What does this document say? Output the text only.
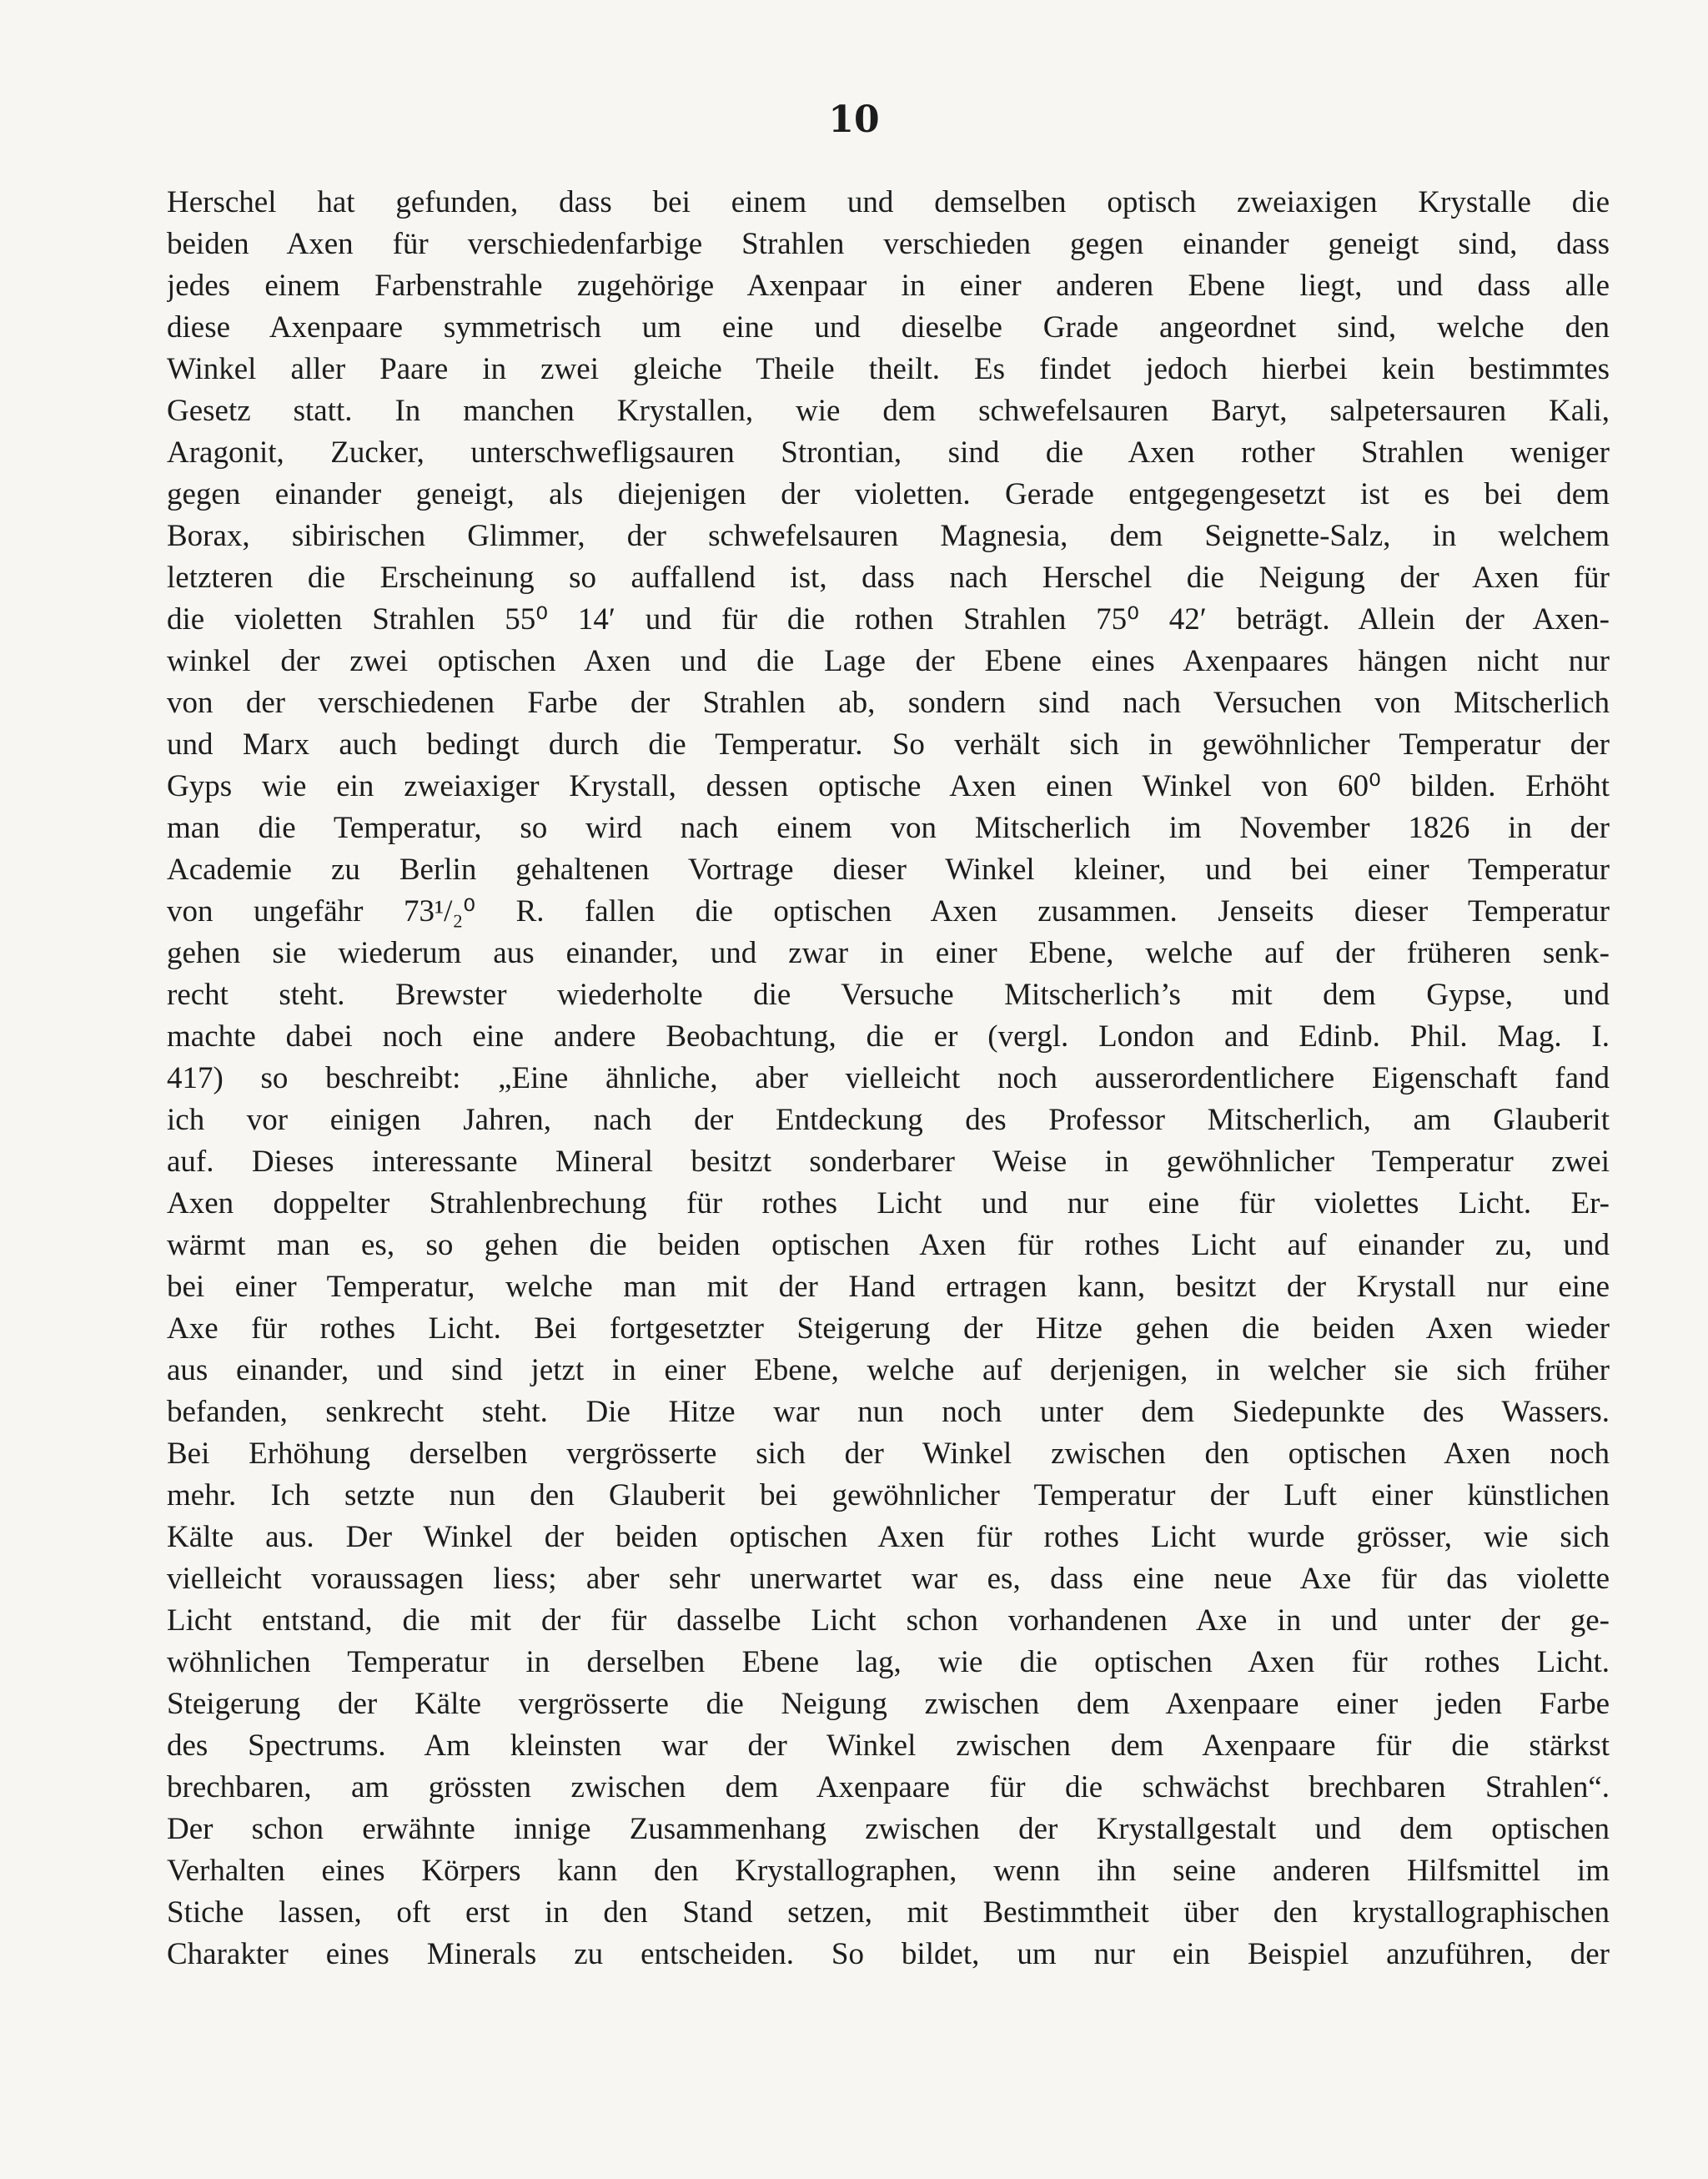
10
Herschel hat gefunden, dass bei einem und demselben optisch zweiaxigen Krystalle die
beiden Axen für verschiedenfarbige Strahlen verschieden gegen einander geneigt sind, dass
jedes einem Farbenstrahle zugehörige Axenpaar in einer anderen Ebene liegt, und dass alle
diese Axenpaare symmetrisch um eine und dieselbe Grade angeordnet sind, welche den
Winkel aller Paare in zwei gleiche Theile theilt. Es findet jedoch hierbei kein bestimmtes
Gesetz statt. In manchen Krystallen, wie dem schwefelsauren Baryt, salpetersauren Kali,
Aragonit, Zucker, unterschwefligsauren Strontian, sind die Axen rother Strahlen weniger
gegen einander geneigt, als diejenigen der violetten. Gerade entgegengesetzt ist es bei dem
Borax, sibirischen Glimmer, der schwefelsauren Magnesia, dem Seignette-Salz, in welchem
letzteren die Erscheinung so auffallend ist, dass nach Herschel die Neigung der Axen für
die violetten Strahlen 55⁰ 14′ und für die rothen Strahlen 75⁰ 42′ beträgt. Allein der Axen-
winkel der zwei optischen Axen und die Lage der Ebene eines Axenpaares hängen nicht nur
von der verschiedenen Farbe der Strahlen ab, sondern sind nach Versuchen von Mitscherlich
und Marx auch bedingt durch die Temperatur. So verhält sich in gewöhnlicher Temperatur der
Gyps wie ein zweiaxiger Krystall, dessen optische Axen einen Winkel von 60⁰ bilden. Erhöht
man die Temperatur, so wird nach einem von Mitscherlich im November 1826 in der
Academie zu Berlin gehaltenen Vortrage dieser Winkel kleiner, und bei einer Temperatur
von ungefähr 73¹/₂⁰ R. fallen die optischen Axen zusammen. Jenseits dieser Temperatur
gehen sie wiederum aus einander, und zwar in einer Ebene, welche auf der früheren senk-
recht steht. Brewster wiederholte die Versuche Mitscherlich’s mit dem Gypse, und
machte dabei noch eine andere Beobachtung, die er (vergl. London and Edinb. Phil. Mag. I.
417) so beschreibt: „Eine ähnliche, aber vielleicht noch ausserordentlichere Eigenschaft fand
ich vor einigen Jahren, nach der Entdeckung des Professor Mitscherlich, am Glauberit
auf. Dieses interessante Mineral besitzt sonderbarer Weise in gewöhnlicher Temperatur zwei
Axen doppelter Strahlenbrechung für rothes Licht und nur eine für violettes Licht. Er-
wärmt man es, so gehen die beiden optischen Axen für rothes Licht auf einander zu, und
bei einer Temperatur, welche man mit der Hand ertragen kann, besitzt der Krystall nur eine
Axe für rothes Licht. Bei fortgesetzter Steigerung der Hitze gehen die beiden Axen wieder
aus einander, und sind jetzt in einer Ebene, welche auf derjenigen, in welcher sie sich früher
befanden, senkrecht steht. Die Hitze war nun noch unter dem Siedepunkte des Wassers.
Bei Erhöhung derselben vergrösserte sich der Winkel zwischen den optischen Axen noch
mehr. Ich setzte nun den Glauberit bei gewöhnlicher Temperatur der Luft einer künstlichen
Kälte aus. Der Winkel der beiden optischen Axen für rothes Licht wurde grösser, wie sich
vielleicht voraussagen liess; aber sehr unerwartet war es, dass eine neue Axe für das violette
Licht entstand, die mit der für dasselbe Licht schon vorhandenen Axe in und unter der ge-
wöhnlichen Temperatur in derselben Ebene lag, wie die optischen Axen für rothes Licht.
Steigerung der Kälte vergrösserte die Neigung zwischen dem Axenpaare einer jeden Farbe
des Spectrums. Am kleinsten war der Winkel zwischen dem Axenpaare für die stärkst
brechbaren, am grössten zwischen dem Axenpaare für die schwächst brechbaren Strahlen“.
Der schon erwähnte innige Zusammenhang zwischen der Krystallgestalt und dem optischen
Verhalten eines Körpers kann den Krystallographen, wenn ihn seine anderen Hilfsmittel im
Stiche lassen, oft erst in den Stand setzen, mit Bestimmtheit über den krystallographischen
Charakter eines Minerals zu entscheiden. So bildet, um nur ein Beispiel anzuführen, der
